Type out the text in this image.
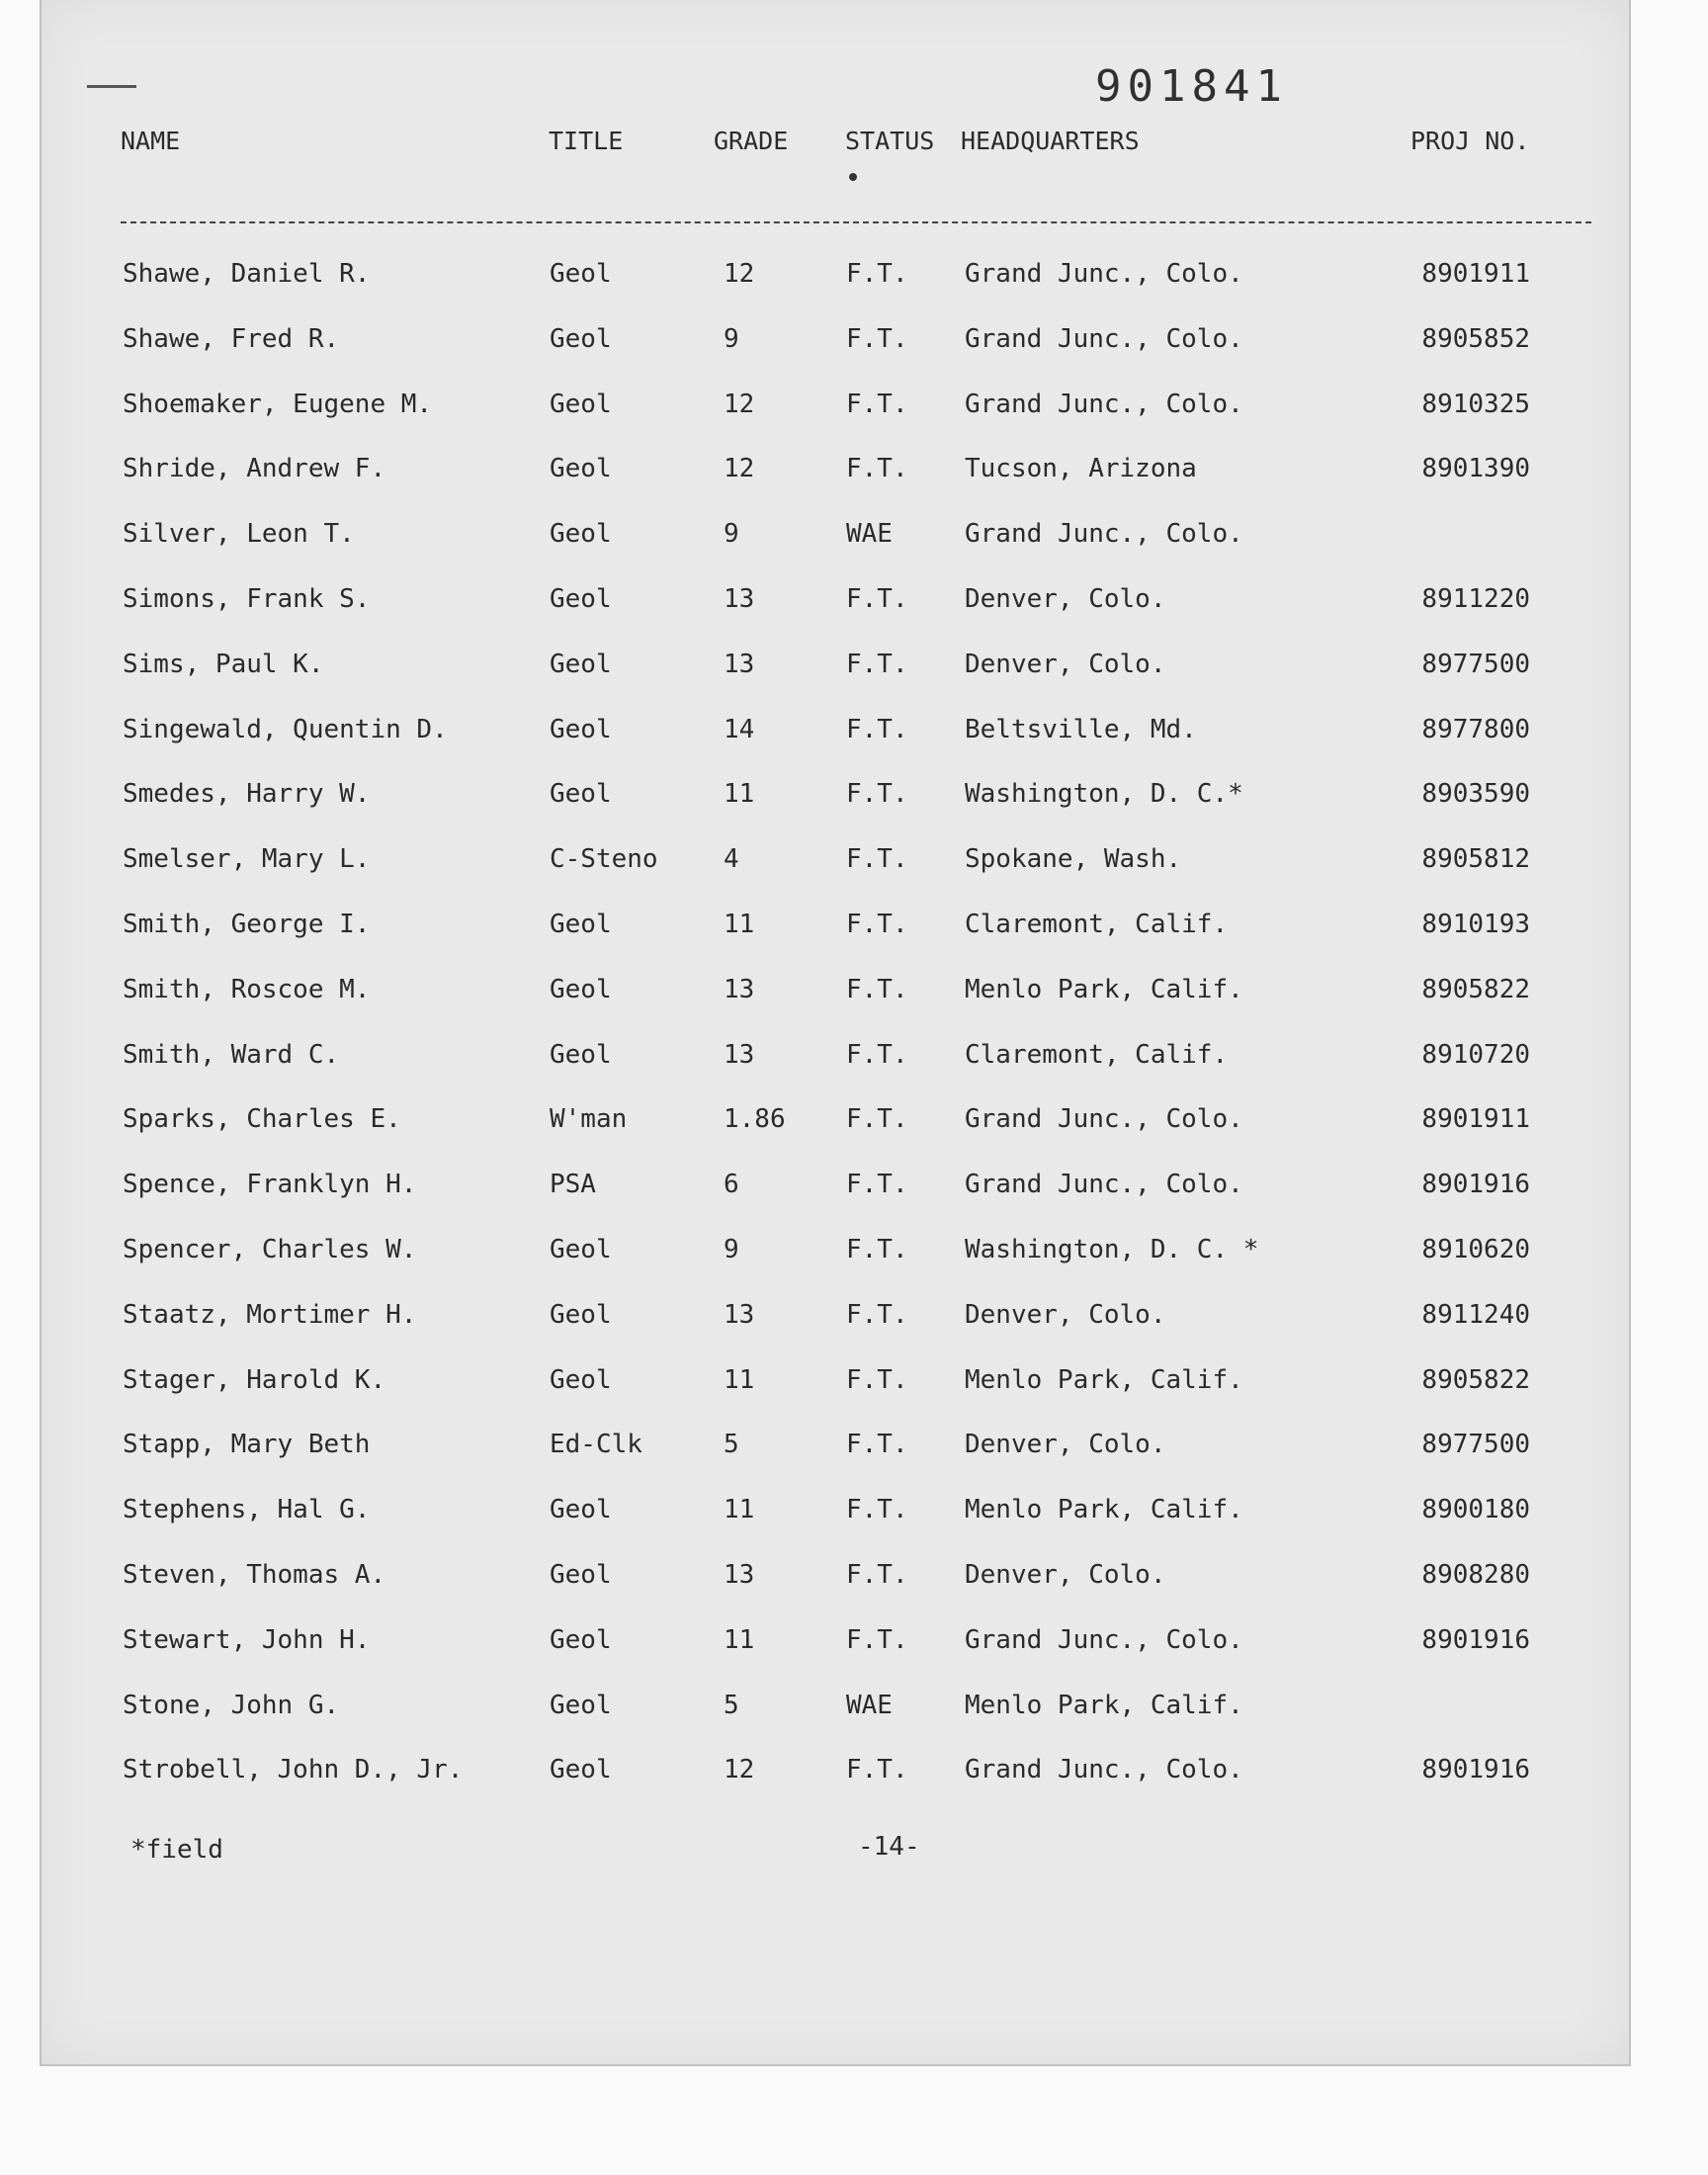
901841
NAME	TITLE	GRADE STATUS HEADQUARTERS	PROJ NO.
Shawe, Daniel R.	Geol	12	F.T. Grand Junc., Colo.	8901911
Shawe, Fred R.	Geol	9	F.T. Grand Junc., Colo.	8905852
Shoemaker, Eugene M.	Geol	12	F.T. Grand Junc., Colo.	8910325
Shride, Andrew F.	Geol	12	F.T. Tucson, Arizona	8901390
Silver, Leon T.	Geol	9	WAE	Grand Junc., Colo.
Simons, Frank S.	Geol	13	F.T. Denver, Colo.	8911220
Sims, Paul K.	Geol	13	F.T. Denver, Colo.	8977500
Singewald, Quentin D.	Geol	14	F.T. Beltsville, Md.	8977800
Smedes, Harry W.	Geol	11	F.T. Washington, D. C.*	8903590
Smelser, Mary L.	C-Steno	4	F.T. Spokane, Wash.	8905812
Smith, George I.	Geol	11	F.T. Claremont, Calif.	8910193
Smith, Roscoe M.	Geol	13	F.T. Menlo Park, Calif.	8905822
Smith, Ward C.	Geol	13	F.T. Claremont, Calif.	8910720
Sparks, Charles E.	W'man	1.86 F.T. Grand Junc., Colo.	8901911
Spence, Franklyn H.	PSA	6	F.T. Grand Junc., Colo.	8901916
Spencer, Charles W.	Geol	9	F.T. Washington, D. C. *	8910620
Staatz, Mortimer H.	Geol	13	F.T. Denver, Colo.	8911240
Stager, Harold K.	Geol	11	F.T. Menlo Park, Calif.	8905822
Stapp, Mary Beth	Ed-Clk	5	F.T. Denver, Colo.	8977500
Stephens, Hal G.	Geol	11	F.T. Menlo Park, Calif.	8900180
Steven, Thomas A.	Geol	13	F.T. Denver, Colo.	8908280
Stewart, John H.	Geol	11	F.T. Grand Junc., Colo.	8901916
Stone, John G.	Geol	5	WAE	Menlo Park, Calif.
Strobell, John D., Jr.	Geol	12	F.T. Grand Junc., Colo.	8901916
*field	-14-
